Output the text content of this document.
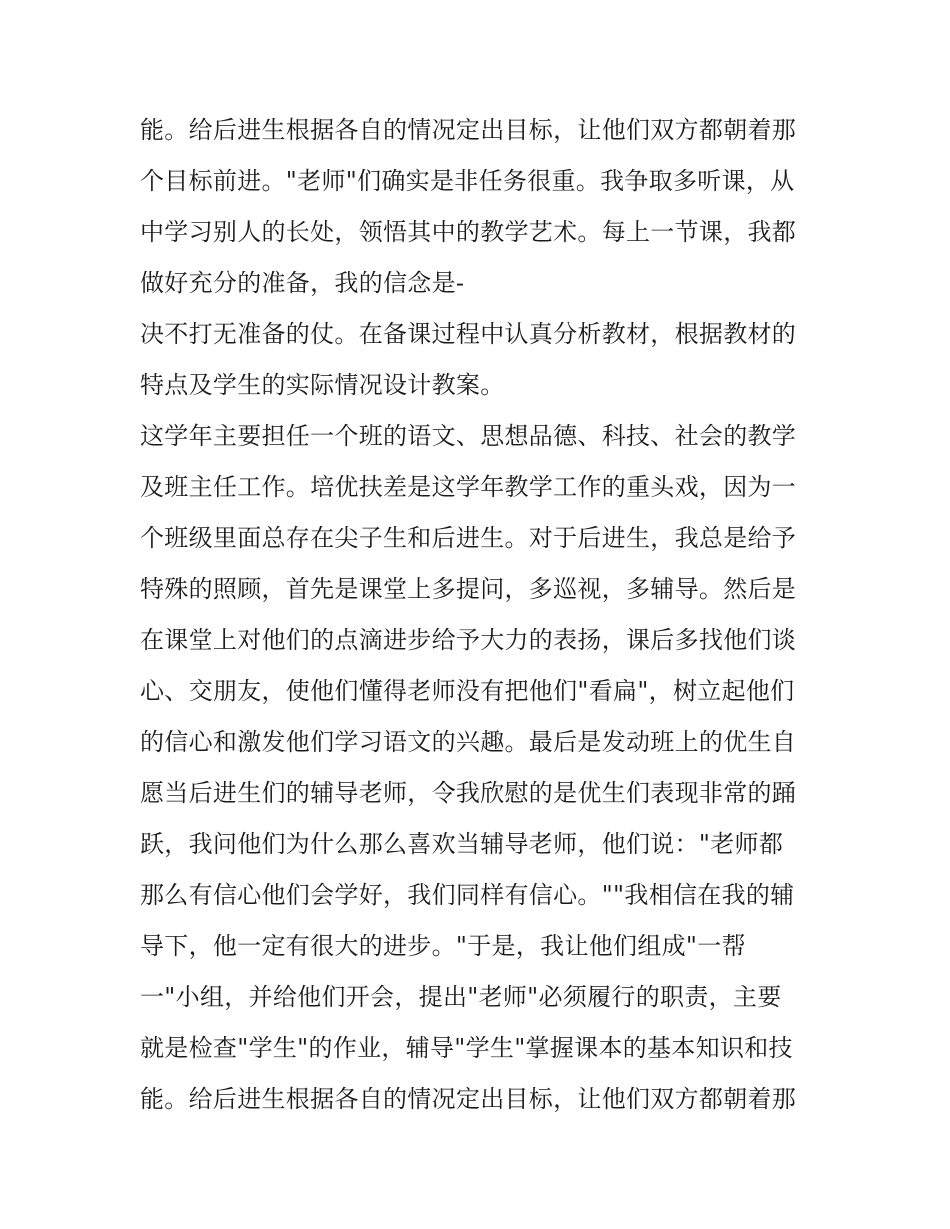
能。给后进生根据各自的情况定出目标，让他们双方都朝着那
个目标前进。"老师"们确实是非任务很重。我争取多听课，从
中学习别人的长处，领悟其中的教学艺术。每上一节课，我都
做好充分的准备，我的信念是-
决不打无准备的仗。在备课过程中认真分析教材，根据教材的
特点及学生的实际情况设计教案。
这学年主要担任一个班的语文、思想品德、科技、社会的教学
及班主任工作。培优扶差是这学年教学工作的重头戏，因为一
个班级里面总存在尖子生和后进生。对于后进生，我总是给予
特殊的照顾，首先是课堂上多提问，多巡视，多辅导。然后是
在课堂上对他们的点滴进步给予大力的表扬，课后多找他们谈
心、交朋友，使他们懂得老师没有把他们"看扁"，树立起他们
的信心和激发他们学习语文的兴趣。最后是发动班上的优生自
愿当后进生们的辅导老师，令我欣慰的是优生们表现非常的踊
跃，我问他们为什么那么喜欢当辅导老师，他们说："老师都
那么有信心他们会学好，我们同样有信心。""我相信在我的辅
导下，他一定有很大的进步。"于是，我让他们组成"一帮
一"小组，并给他们开会，提出"老师"必须履行的职责，主要
就是检查"学生"的作业，辅导"学生"掌握课本的基本知识和技
能。给后进生根据各自的情况定出目标，让他们双方都朝着那
